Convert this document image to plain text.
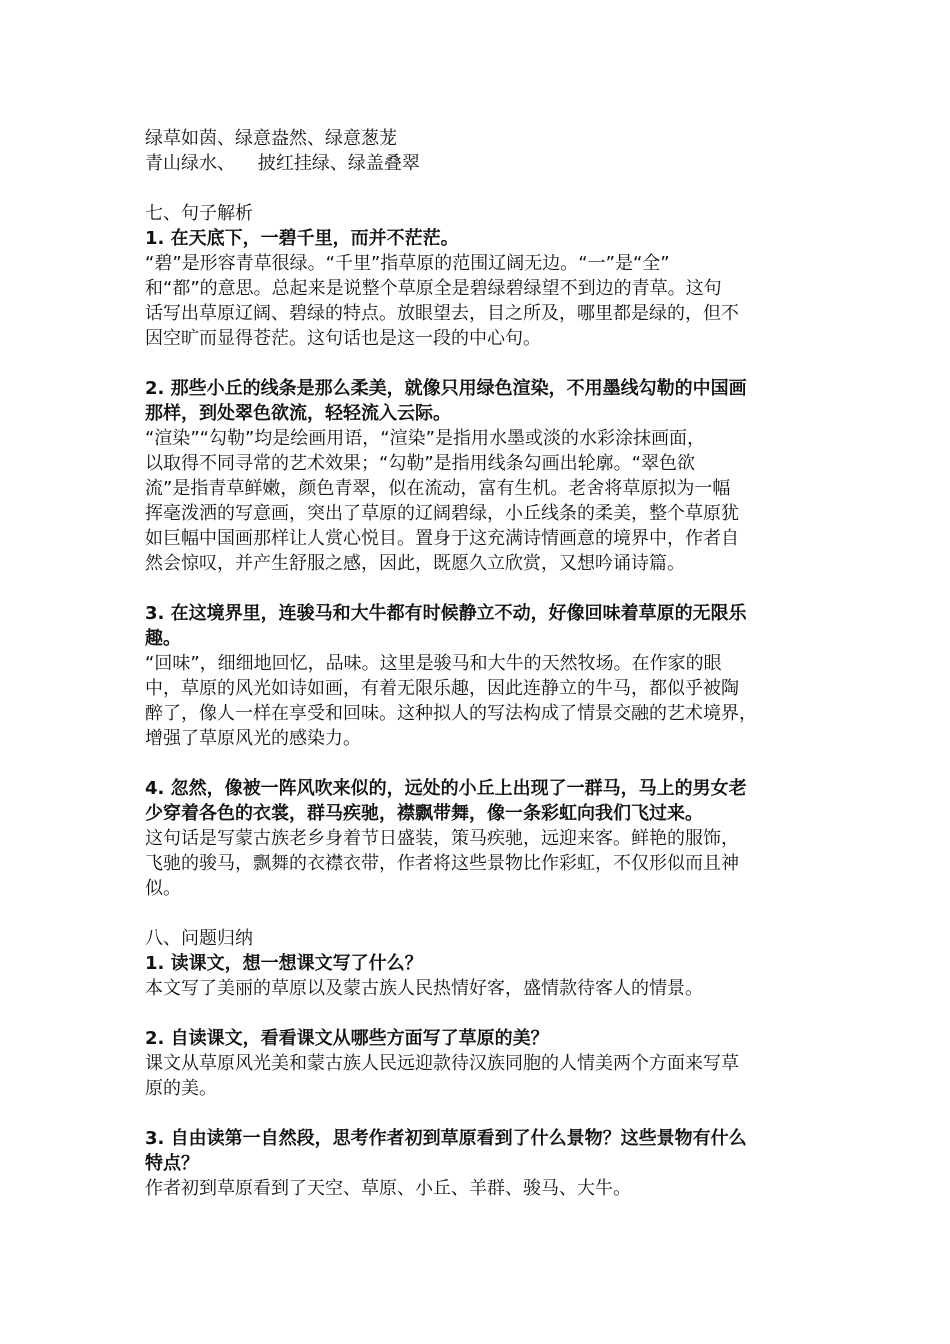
绿草如茵、绿意盎然、绿意葱茏
青山绿水、    披红挂绿、绿盖叠翠
七、句子解析
1. 在天底下，一碧千里，而并不茫茫。
“碧”是形容青草很绿。“千里”指草原的范围辽阔无边。“一”是“全”
和“都”的意思。总起来是说整个草原全是碧绿碧绿望不到边的青草。这句
话写出草原辽阔、碧绿的特点。放眼望去，目之所及，哪里都是绿的，但不
因空旷而显得苍茫。这句话也是这一段的中心句。
2. 那些小丘的线条是那么柔美，就像只用绿色渲染，不用墨线勾勒的中国画
那样，到处翠色欲流，轻轻流入云际。
“渲染”“勾勒”均是绘画用语，“渲染”是指用水墨或淡的水彩涂抹画面，
以取得不同寻常的艺术效果；“勾勒”是指用线条勾画出轮廓。“翠色欲
流”是指青草鲜嫩，颜色青翠，似在流动，富有生机。老舍将草原拟为一幅
挥毫泼洒的写意画，突出了草原的辽阔碧绿，小丘线条的柔美，整个草原犹
如巨幅中国画那样让人赏心悦目。置身于这充满诗情画意的境界中，作者自
然会惊叹，并产生舒服之感，因此，既愿久立欣赏，又想吟诵诗篇。
3. 在这境界里，连骏马和大牛都有时候静立不动，好像回味着草原的无限乐
趣。
“回味”，细细地回忆，品味。这里是骏马和大牛的天然牧场。在作家的眼
中，草原的风光如诗如画，有着无限乐趣，因此连静立的牛马，都似乎被陶
醉了，像人一样在享受和回味。这种拟人的写法构成了情景交融的艺术境界，
增强了草原风光的感染力。
4. 忽然，像被一阵风吹来似的，远处的小丘上出现了一群马，马上的男女老
少穿着各色的衣裳，群马疾驰，襟飘带舞，像一条彩虹向我们飞过来。
这句话是写蒙古族老乡身着节日盛装，策马疾驰，远迎来客。鲜艳的服饰，
飞驰的骏马，飘舞的衣襟衣带，作者将这些景物比作彩虹，不仅形似而且神
似。
八、问题归纳
1. 读课文，想一想课文写了什么？
本文写了美丽的草原以及蒙古族人民热情好客，盛情款待客人的情景。
2. 自读课文，看看课文从哪些方面写了草原的美？
课文从草原风光美和蒙古族人民远迎款待汉族同胞的人情美两个方面来写草
原的美。
3. 自由读第一自然段，思考作者初到草原看到了什么景物？这些景物有什么
特点？
作者初到草原看到了天空、草原、小丘、羊群、骏马、大牛。
